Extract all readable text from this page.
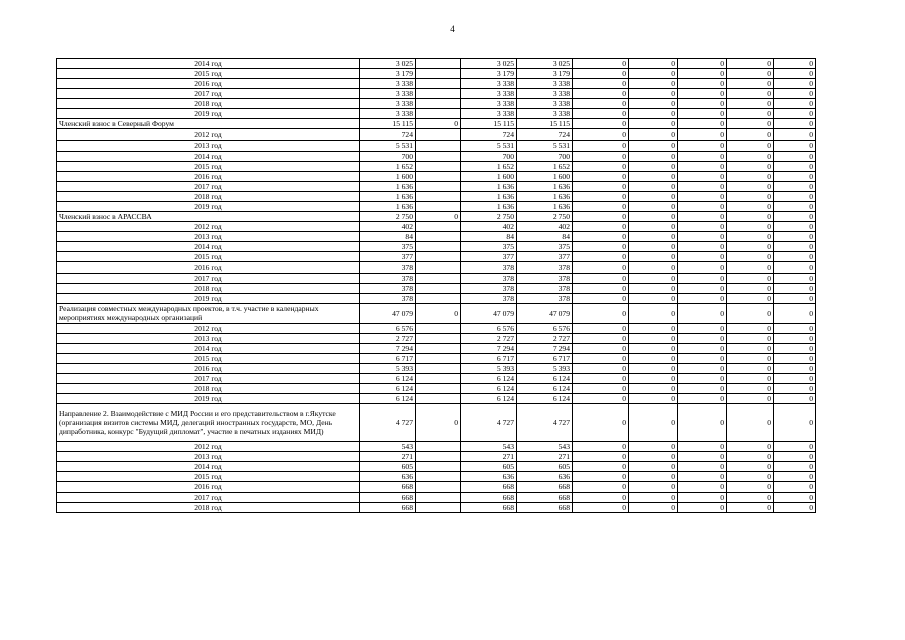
4
2014 год	3 025		3 025	3 025	0	0	0	0	0
2015 год	3 179		3 179	3 179	0	0	0	0	0
2016 год	3 338		3 338	3 338	0	0	0	0	0
2017 год	3 338		3 338	3 338	0	0	0	0	0
2018 год	3 338		3 338	3 338	0	0	0	0	0
2019 год	3 338		3 338	3 338	0	0	0	0	0
Членский взнос в Северный Форум	15 115	0	15 115	15 115	0	0	0	0	0
2012 год	724		724	724	0	0	0	0	0
2013 год	5 531		5 531	5 531	0	0	0	0	0
2014 год	700		700	700	0	0	0	0	0
2015 год	1 652		1 652	1 652	0	0	0	0	0
2016 год	1 600		1 600	1 600	0	0	0	0	0
2017 год	1 636		1 636	1 636	0	0	0	0	0
2018 год	1 636		1 636	1 636	0	0	0	0	0
2019 год	1 636		1 636	1 636	0	0	0	0	0
Членский взнос в АРАССВА	2 750	0	2 750	2 750	0	0	0	0	0
2012 год	402		402	402	0	0	0	0	0
2013 год	84		84	84	0	0	0	0	0
2014 год	375		375	375	0	0	0	0	0
2015 год	377		377	377	0	0	0	0	0
2016 год	378		378	378	0	0	0	0	0
2017 год	378		378	378	0	0	0	0	0
2018 год	378		378	378	0	0	0	0	0
2019 год	378		378	378	0	0	0	0	0
Реализация совместных международных проектов, в т.ч. участие в календарных мероприятиях международных организаций	47 079	0	47 079	47 079	0	0	0	0	0
2012 год	6 576		6 576	6 576	0	0	0	0	0
2013 год	2 727		2 727	2 727	0	0	0	0	0
2014 год	7 294		7 294	7 294	0	0	0	0	0
2015 год	6 717		6 717	6 717	0	0	0	0	0
2016 год	5 393		5 393	5 393	0	0	0	0	0
2017 год	6 124		6 124	6 124	0	0	0	0	0
2018 год	6 124		6 124	6 124	0	0	0	0	0
2019 год	6 124		6 124	6 124	0	0	0	0	0
Направление 2. Взаимодействие с МИД России и его представительством в г.Якутске (организация визитов системы МИД, делегаций иностранных государств, МО, День дипработника, конкурс "Будущий дипломат", участие в печатных изданиях МИД)	4 727	0	4 727	4 727	0	0	0	0	0
2012 год	543		543	543	0	0	0	0	0
2013 год	271		271	271	0	0	0	0	0
2014 год	605		605	605	0	0	0	0	0
2015 год	636		636	636	0	0	0	0	0
2016 год	668		668	668	0	0	0	0	0
2017 год	668		668	668	0	0	0	0	0
2018 год	668		668	668	0	0	0	0	0
